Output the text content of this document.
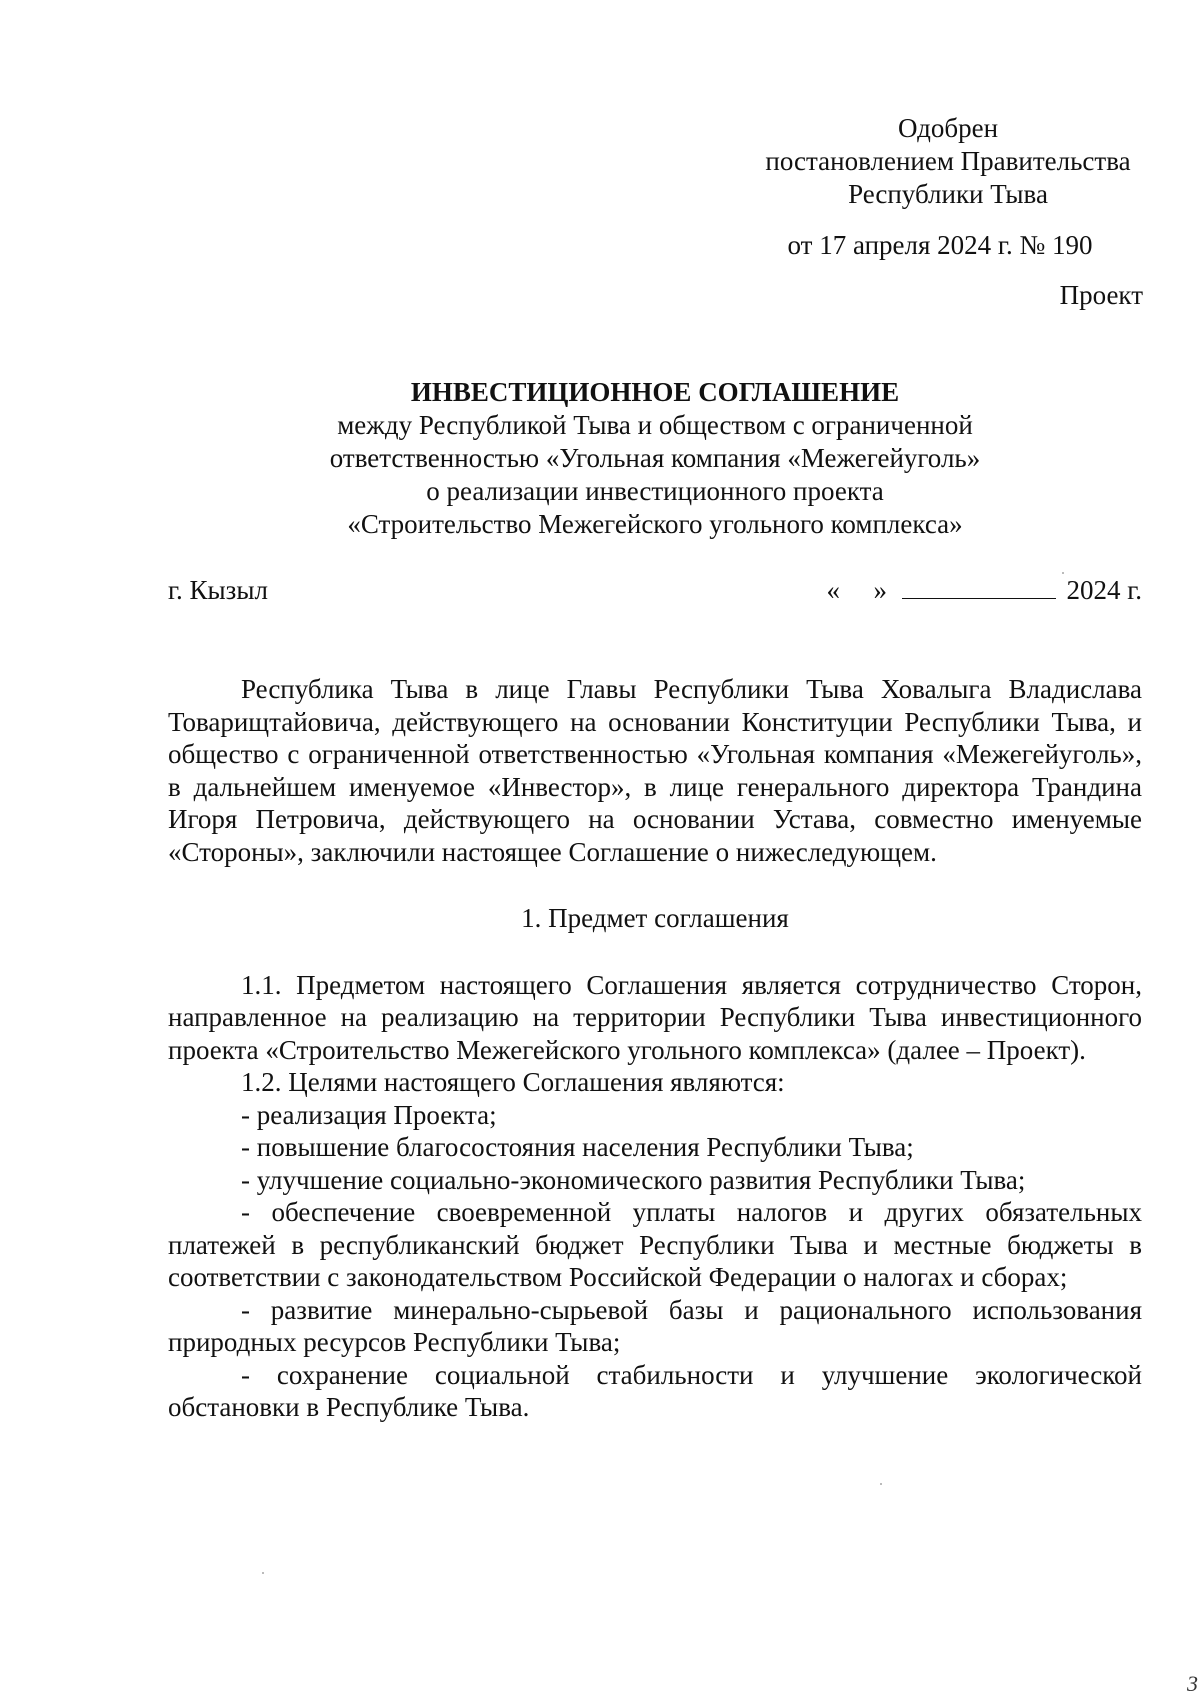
Одобрен
постановлением Правительства
Республики Тыва
от 17 апреля 2024 г. № 190
Проект
ИНВЕСТИЦИОННОЕ СОГЛАШЕНИЕ
между Республикой Тыва и обществом с ограниченной
ответственностью «Угольная компания «Межегейуголь»
о реализации инвестиционного проекта
«Строительство Межегейского угольного комплекса»
г. Кызыл	« »	2024 г.

Республика Тыва в лице Главы Республики Тыва Ховалыга Владислава Товарищтайовича, действующего на основании Конституции Республики Тыва, и общество с ограниченной ответственностью «Угольная компания «Межегейуголь», в дальнейшем именуемое «Инвестор», в лице генерального директора Трандина Игоря Петровича, действующего на основании Устава, совместно именуемые «Стороны», заключили настоящее Соглашение о нижеследующем.

1. Предмет соглашения

1.1. Предметом настоящего Соглашения является сотрудничество Сторон, направленное на реализацию на территории Республики Тыва инвестиционного проекта «Строительство Межегейского угольного комплекса» (далее – Проект).

1.2. Целями настоящего Соглашения являются:

- реализация Проекта;

- повышение благосостояния населения Республики Тыва;

- улучшение социально-экономического развития Республики Тыва;

- обеспечение своевременной уплаты налогов и других обязательных платежей в республиканский бюджет Республики Тыва и местные бюджеты в соответствии с законодательством Российской Федерации о налогах и сборах;

- развитие минерально-сырьевой базы и рационального использования природных ресурсов Республики Тыва;

- сохранение социальной стабильности и улучшение экологической обстановки в Республике Тыва.

3
